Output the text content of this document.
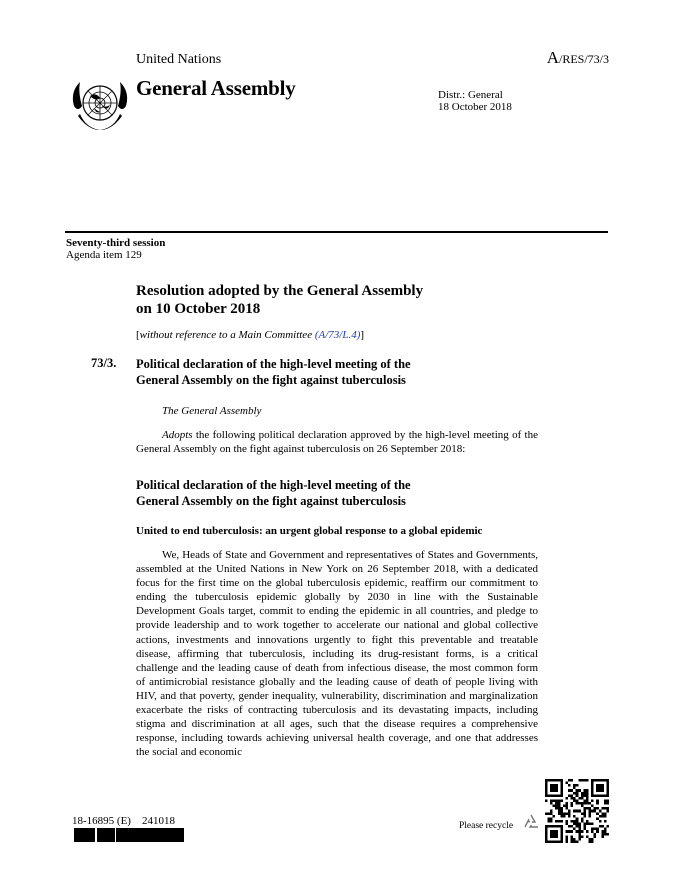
United Nations	A/RES/73/3
General Assembly	Distr.: General
18 October 2018
Seventy-third session
Agenda item 129
Resolution adopted by the General Assembly
on 10 October 2018
[without reference to a Main Committee (A/73/L.4)]
73/3. Political declaration of the high-level meeting of the
General Assembly on the fight against tuberculosis
The General Assembly
Adopts the following political declaration approved by the high-level meeting of the General Assembly on the fight against tuberculosis on 26 September 2018:
Political declaration of the high-level meeting of the
General Assembly on the fight against tuberculosis
United to end tuberculosis: an urgent global response to a global epidemic
We, Heads of State and Government and representatives of States and Governments, assembled at the United Nations in New York on 26 September 2018, with a dedicated focus for the first time on the global tuberculosis epidemic, reaffirm our commitment to ending the tuberculosis epidemic globally by 2030 in line with the Sustainable Development Goals target, commit to ending the epidemic in all countries, and pledge to provide leadership and to work together to accelerate our national and global collective actions, investments and innovations urgently to fight this preventable and treatable disease, affirming that tuberculosis, including its drug-resistant forms, is a critical challenge and the leading cause of death from infectious disease, the most common form of antimicrobial resistance globally and the leading cause of death of people living with HIV, and that poverty, gender inequality, vulnerability, discrimination and marginalization exacerbate the risks of contracting tuberculosis and its devastating impacts, including stigma and discrimination at all ages, such that the disease requires a comprehensive response, including towards achieving universal health coverage, and one that addresses the social and economic
18-16895 (E)    241018	Please recycle
